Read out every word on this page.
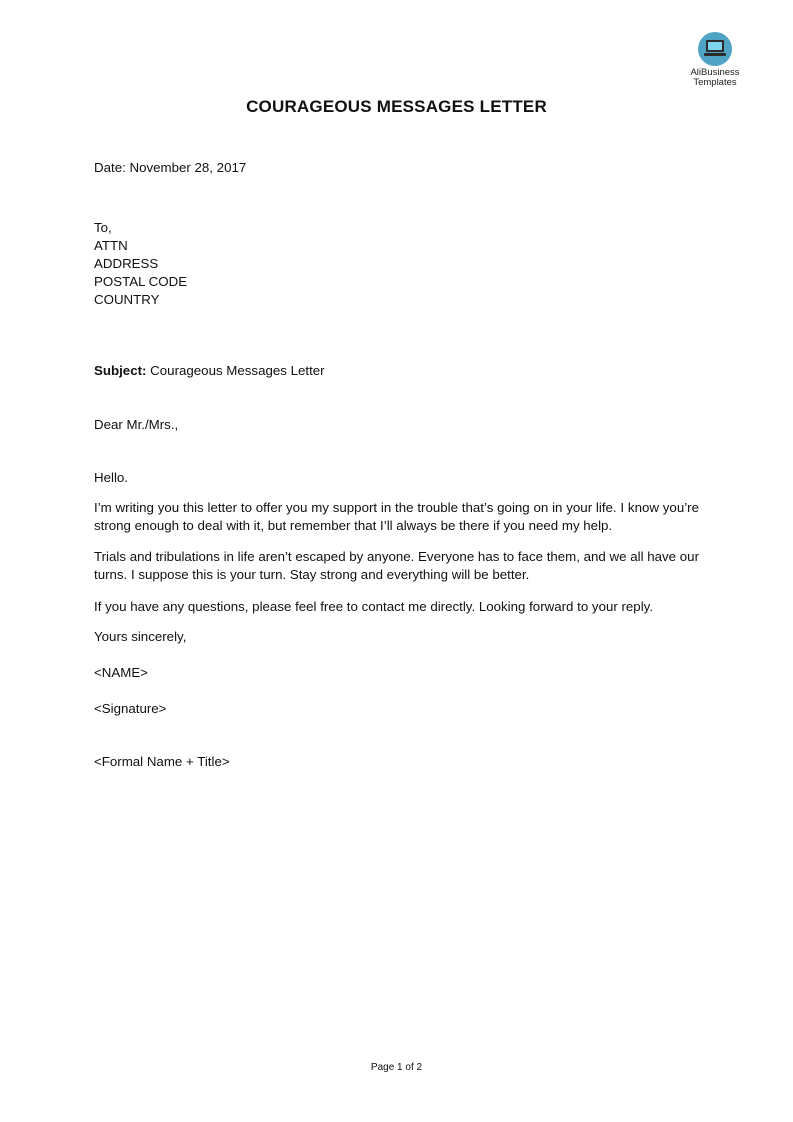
AliBusiness
Templates
COURAGEOUS MESSAGES LETTER
Date: November 28, 2017
To,
ATTN
ADDRESS
POSTAL CODE
COUNTRY
Subject: Courageous Messages Letter
Dear Mr./Mrs.,
Hello.
I’m writing you this letter to offer you my support in the trouble that’s going on in your life. I know you’re strong enough to deal with it, but remember that I’ll always be there if you need my help.
Trials and tribulations in life aren’t escaped by anyone. Everyone has to face them, and we all have our turns. I suppose this is your turn. Stay strong and everything will be better.
If you have any questions, please feel free to contact me directly. Looking forward to your reply.
Yours sincerely,
<NAME>
<Signature>
<Formal Name + Title>
Page 1 of 2
